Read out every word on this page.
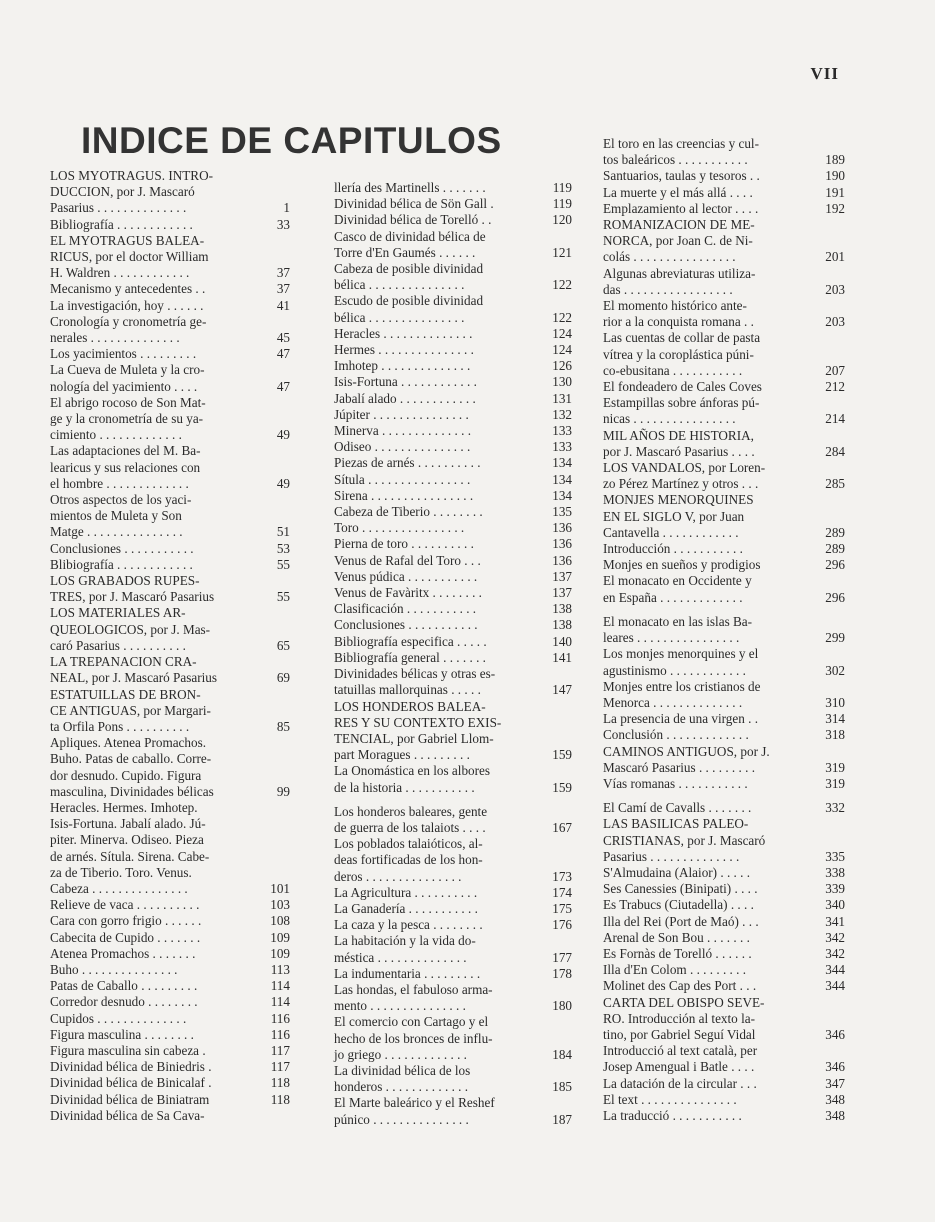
VII
INDICE DE CAPITULOS
LOS MYOTRAGUS. INTRO-
DUCCION, por J. Mascaró
Pasarius . . . . . . . . . . . . . .	1
Bibliografía . . . . . . . . . . . .	33
EL MYOTRAGUS BALEA-
RICUS, por el doctor William
H. Waldren . . . . . . . . . . . .	37
Mecanismo y antecedentes . .	37
La investigación, hoy . . . . . .	41
Cronología y cronometría ge-
nerales . . . . . . . . . . . . . .	45
Los yacimientos . . . . . . . . .	47
La Cueva de Muleta y la cro-
nología del yacimiento . . . .	47
El abrigo rocoso de Son Mat-
ge y la cronometría de su ya-
cimiento . . . . . . . . . . . . .	49
Las adaptaciones del M. Ba-
learicus y sus relaciones con
el hombre . . . . . . . . . . . . .	49
Otros aspectos de los yaci-
mientos de Muleta y Son
Matge . . . . . . . . . . . . . . .	51
Conclusiones . . . . . . . . . . .	53
Blibiografía . . . . . . . . . . . .	55
LOS GRABADOS RUPES-
TRES, por J. Mascaró Pasarius	55
LOS MATERIALES AR-
QUEOLOGICOS, por J. Mas-
caró Pasarius . . . . . . . . . .	65
LA TREPANACION CRA-
NEAL, por J. Mascaró Pasarius	69
ESTATUILLAS DE BRON-
CE ANTIGUAS, por Margari-
ta Orfila Pons . . . . . . . . . .	85
Apliques. Atenea Promachos.
Buho. Patas de caballo. Corre-
dor desnudo. Cupido. Figura
masculina, Divinidades bélicas	99
Heracles. Hermes. Imhotep.
Isis-Fortuna. Jabalí alado. Jú-
piter. Minerva. Odiseo. Pieza
de arnés. Sítula. Sirena. Cabe-
za de Tiberio. Toro. Venus.
Cabeza . . . . . . . . . . . . . . .	101
Relieve de vaca . . . . . . . . . .	103
Cara con gorro frigio . . . . . .	108
Cabecita de Cupido . . . . . . .	109
Atenea Promachos . . . . . . .	109
Buho . . . . . . . . . . . . . . .	113
Patas de Caballo . . . . . . . . .	114
Corredor desnudo . . . . . . . .	114
Cupidos . . . . . . . . . . . . . .	116
Figura masculina . . . . . . . .	116
Figura masculina sin cabeza .	117
Divinidad bélica de Biniedris .	117
Divinidad bélica de Binicalaf .	118
Divinidad bélica de Biniatram	118
Divinidad bélica de Sa Cava-
llería des Martinells . . . . . . .	119
Divinidad bélica de Sön Gall .	119
Divinidad bélica de Torelló . .	120
Casco de divinidad bélica de
Torre d'En Gaumés . . . . . .	121
Cabeza de posible divinidad
bélica . . . . . . . . . . . . . . .	122
Escudo de posible divinidad
bélica . . . . . . . . . . . . . . .	122
Heracles . . . . . . . . . . . . . .	124
Hermes . . . . . . . . . . . . . . .	124
Imhotep . . . . . . . . . . . . . .	126
Isis-Fortuna . . . . . . . . . . . .	130
Jabalí alado . . . . . . . . . . . .	131
Júpiter . . . . . . . . . . . . . . .	132
Minerva . . . . . . . . . . . . . .	133
Odiseo . . . . . . . . . . . . . . .	133
Piezas de arnés . . . . . . . . . .	134
Sítula . . . . . . . . . . . . . . . .	134
Sirena . . . . . . . . . . . . . . . .	134
Cabeza de Tiberio . . . . . . . .	135
Toro . . . . . . . . . . . . . . . .	136
Pierna de toro . . . . . . . . . .	136
Venus de Rafal del Toro . . .	136
Venus púdica . . . . . . . . . . .	137
Venus de Favàritx . . . . . . . .	137
Clasificación . . . . . . . . . . .	138
Conclusiones . . . . . . . . . . .	138
Bibliografía especifica . . . . .	140
Bibliografía general . . . . . . .	141
Divinidades bélicas y otras es-
tatuillas mallorquinas . . . . .	147
LOS HONDEROS BALEA-
RES Y SU CONTEXTO EXIS-
TENCIAL, por Gabriel Llom-
part Moragues . . . . . . . . .	159
La Onomástica en los albores
de la historia . . . . . . . . . . .	159
Los honderos baleares, gente
de guerra de los talaiots . . . .	167
Los poblados talaióticos, al-
deas fortificadas de los hon-
deros . . . . . . . . . . . . . . .	173
La Agricultura . . . . . . . . . .	174
La Ganadería . . . . . . . . . . .	175
La caza y la pesca . . . . . . . .	176
La habitación y la vida do-
méstica . . . . . . . . . . . . . .	177
La indumentaria . . . . . . . . .	178
Las hondas, el fabuloso arma-
mento . . . . . . . . . . . . . . .	180
El comercio con Cartago y el
hecho de los bronces de influ-
jo griego . . . . . . . . . . . . .	184
La divinidad bélica de los
honderos . . . . . . . . . . . . .	185
El Marte baleárico y el Reshef
púnico . . . . . . . . . . . . . . .	187
El toro en las creencias y cul-
tos baleáricos . . . . . . . . . . .	189
Santuarios, taulas y tesoros . .	190
La muerte y el más allá . . . .	191
Emplazamiento al lector . . . .	192
ROMANIZACION DE ME-
NORCA, por Joan C. de Ni-
colás . . . . . . . . . . . . . . . .	201
Algunas abreviaturas utiliza-
das . . . . . . . . . . . . . . . . .	203
El momento histórico ante-
rior a la conquista romana . .	203
Las cuentas de collar de pasta
vítrea y la coroplástica púni-
co-ebusitana . . . . . . . . . . .	207
El fondeadero de Cales Coves	212
Estampillas sobre ánforas pú-
nicas . . . . . . . . . . . . . . . .	214
MIL AÑOS DE HISTORIA,
por J. Mascaró Pasarius . . . .	284
LOS VANDALOS, por Loren-
zo Pérez Martínez y otros . . .	285
MONJES MENORQUINES
EN EL SIGLO V, por Juan
Cantavella . . . . . . . . . . . .	289
Introducción . . . . . . . . . . .	289
Monjes en sueños y prodigios	296
El monacato en Occidente y
en España . . . . . . . . . . . . .	296
El monacato en las islas Ba-
leares . . . . . . . . . . . . . . . .	299
Los monjes menorquines y el
agustinismo . . . . . . . . . . . .	302
Monjes entre los cristianos de
Menorca . . . . . . . . . . . . . .	310
La presencia de una virgen . .	314
Conclusión . . . . . . . . . . . . .	318
CAMINOS ANTIGUOS, por J.
Mascaró Pasarius . . . . . . . . .	319
Vías romanas . . . . . . . . . . .	319
El Camí de Cavalls . . . . . . .	332
LAS BASILICAS PALEO-
CRISTIANAS, por J. Mascaró
Pasarius . . . . . . . . . . . . . .	335
S'Almudaina (Alaior) . . . . .	338
Ses Canessies (Binipati) . . . .	339
Es Trabucs (Ciutadella) . . . .	340
Illa del Rei (Port de Maó) . . .	341
Arenal de Son Bou . . . . . . .	342
Es Fornàs de Torelló . . . . . .	342
Illa d'En Colom . . . . . . . . .	344
Molinet des Cap des Port . . .	344
CARTA DEL OBISPO SEVE-
RO. Introducción al texto la-
tino, por Gabriel Seguí Vidal	346
Introducció al text català, per
Josep Amengual i Batle . . . .	346
La datación de la circular . . .	347
El text . . . . . . . . . . . . . . .	348
La traducció . . . . . . . . . . .	348
